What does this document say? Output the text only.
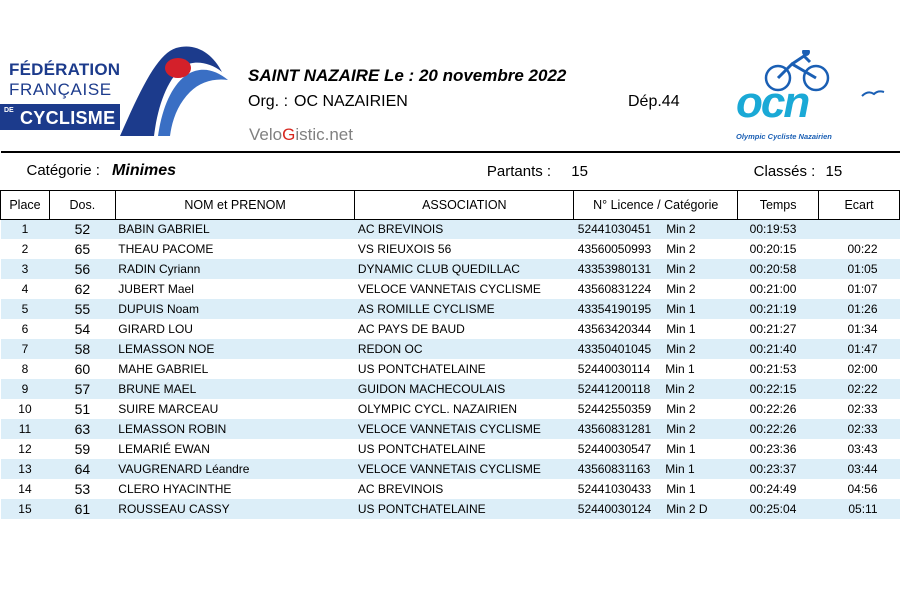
FÉDÉRATION
FRANÇAISE
DE CYCLISME
SAINT NAZAIRE Le : 20 novembre 2022
Org. : OC NAZAIRIEN	Dép.44
VeloGistic.net
ocn
Olympic Cycliste Nazairien
Catégorie : Minimes			Partants : 15		Classés : 15	
Place	Dos.	NOM et PRENOM	ASSOCIATION	N° Licence / Catégorie	Temps	Ecart
1	52	BABIN GABRIEL	AC BREVINOIS	52441030451 Min 2	00:19:53	
2	65	THEAU PACOME	VS RIEUXOIS 56	43560050993 Min 2	00:20:15	00:22
3	56	RADIN Cyriann	DYNAMIC CLUB QUEDILLAC	43353980131 Min 2	00:20:58	01:05
4	62	JUBERT Mael	VELOCE VANNETAIS CYCLISME	43560831224 Min 2	00:21:00	01:07
5	55	DUPUIS Noam	AS ROMILLE CYCLISME	43354190195 Min 1	00:21:19	01:26
6	54	GIRARD LOU	AC PAYS DE BAUD	43563420344 Min 1	00:21:27	01:34
7	58	LEMASSON NOE	REDON OC	43350401045 Min 2	00:21:40	01:47
8	60	MAHE GABRIEL	US PONTCHATELAINE	52440030114 Min 1	00:21:53	02:00
9	57	BRUNE MAEL	GUIDON MACHECOULAIS	52441200118 Min 2	00:22:15	02:22
10	51	SUIRE MARCEAU	OLYMPIC CYCL. NAZAIRIEN	52442550359 Min 2	00:22:26	02:33
11	63	LEMASSON ROBIN	VELOCE VANNETAIS CYCLISME	43560831281 Min 2	00:22:26	02:33
12	59	LEMARIÉ EWAN	US PONTCHATELAINE	52440030547 Min 1	00:23:36	03:43
13	64	VAUGRENARD Léandre	VELOCE VANNETAIS CYCLISME	43560831163 Min 1	00:23:37	03:44
14	53	CLERO HYACINTHE	AC BREVINOIS	52441030433 Min 1	00:24:49	04:56
15	61	ROUSSEAU CASSY	US PONTCHATELAINE	52440030124 Min 2 D	00:25:04	05:11
